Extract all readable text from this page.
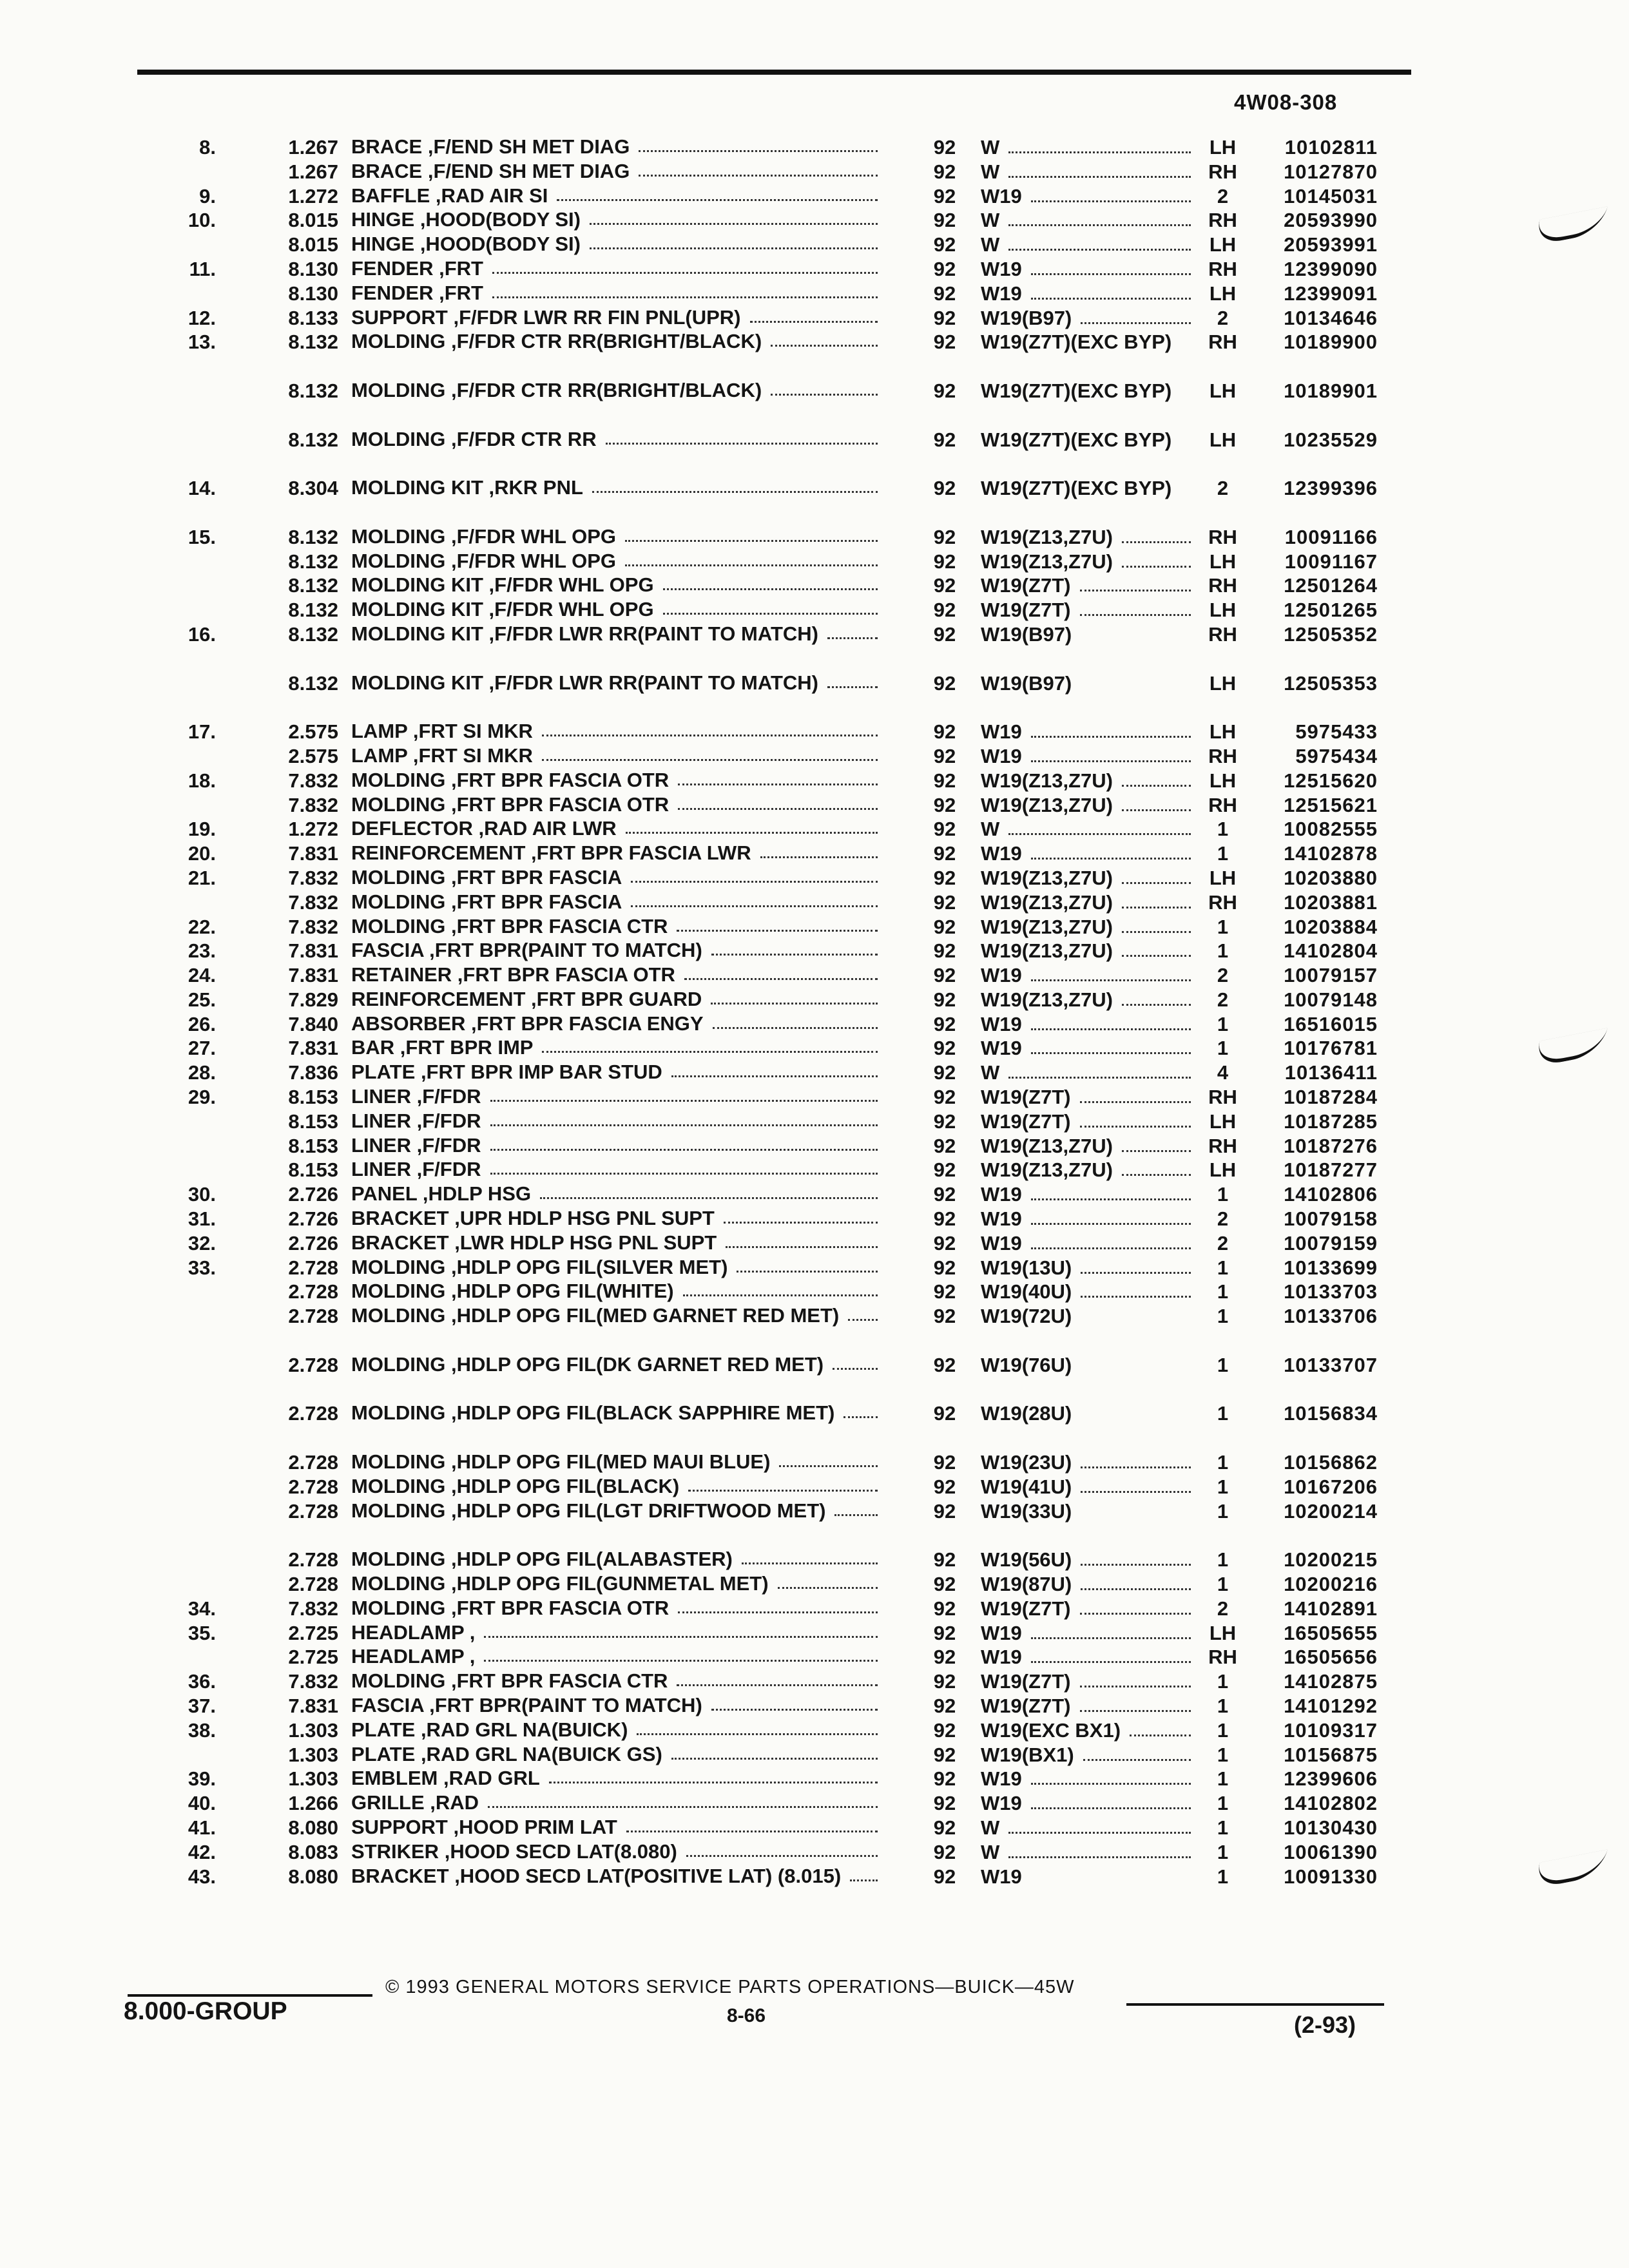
4W08-308
8.	1.267 BRACE ,F/END SH MET DIAG	92	W	LH	10102811
1.267 BRACE ,F/END SH MET DIAG	92	W	RH	10127870
9.	1.272 BAFFLE ,RAD AIR SI	92	W19	2	10145031
10.	8.015 HINGE ,HOOD(BODY SI)	92	W	RH	20593990
8.015 HINGE ,HOOD(BODY SI)	92	W	LH	20593991
11.	8.130 FENDER ,FRT	92	W19	RH	12399090
8.130 FENDER ,FRT	92	W19	LH	12399091
12.	8.133 SUPPORT ,F/FDR LWR RR FIN PNL(UPR)	92	W19(B97)	2	10134646
13.	8.132 MOLDING ,F/FDR CTR RR(BRIGHT/BLACK)	92	W19(Z7T)(EXC BYP)	RH	10189900
8.132 MOLDING ,F/FDR CTR RR(BRIGHT/BLACK)	92	W19(Z7T)(EXC BYP)	LH	10189901
8.132 MOLDING ,F/FDR CTR RR	92	W19(Z7T)(EXC BYP)	LH	10235529
14.	8.304 MOLDING KIT ,RKR PNL	92	W19(Z7T)(EXC BYP)	2	12399396
15.	8.132 MOLDING ,F/FDR WHL OPG	92	W19(Z13,Z7U)	RH	10091166
8.132 MOLDING ,F/FDR WHL OPG	92	W19(Z13,Z7U)	LH	10091167
8.132 MOLDING KIT ,F/FDR WHL OPG	92	W19(Z7T)	RH	12501264
8.132 MOLDING KIT ,F/FDR WHL OPG	92	W19(Z7T)	LH	12501265
16.	8.132 MOLDING KIT ,F/FDR LWR RR(PAINT TO MATCH)	92	W19(B97)	RH	12505352
8.132 MOLDING KIT ,F/FDR LWR RR(PAINT TO MATCH)	92	W19(B97)	LH	12505353
17.	2.575 LAMP ,FRT SI MKR	92	W19	LH	5975433
2.575 LAMP ,FRT SI MKR	92	W19	RH	5975434
18.	7.832 MOLDING ,FRT BPR FASCIA OTR	92	W19(Z13,Z7U)	LH	12515620
7.832 MOLDING ,FRT BPR FASCIA OTR	92	W19(Z13,Z7U)	RH	12515621
19.	1.272 DEFLECTOR ,RAD AIR LWR	92	W	1	10082555
20.	7.831 REINFORCEMENT ,FRT BPR FASCIA LWR	92	W19	1	14102878
21.	7.832 MOLDING ,FRT BPR FASCIA	92	W19(Z13,Z7U)	LH	10203880
7.832 MOLDING ,FRT BPR FASCIA	92	W19(Z13,Z7U)	RH	10203881
22.	7.832 MOLDING ,FRT BPR FASCIA CTR	92	W19(Z13,Z7U)	1	10203884
23.	7.831 FASCIA ,FRT BPR(PAINT TO MATCH)	92	W19(Z13,Z7U)	1	14102804
24.	7.831 RETAINER ,FRT BPR FASCIA OTR	92	W19	2	10079157
25.	7.829 REINFORCEMENT ,FRT BPR GUARD	92	W19(Z13,Z7U)	2	10079148
26.	7.840 ABSORBER ,FRT BPR FASCIA ENGY	92	W19	1	16516015
27.	7.831 BAR ,FRT BPR IMP	92	W19	1	10176781
28.	7.836 PLATE ,FRT BPR IMP BAR STUD	92	W	4	10136411
29.	8.153 LINER ,F/FDR	92	W19(Z7T)	RH	10187284
8.153 LINER ,F/FDR	92	W19(Z7T)	LH	10187285
8.153 LINER ,F/FDR	92	W19(Z13,Z7U)	RH	10187276
8.153 LINER ,F/FDR	92	W19(Z13,Z7U)	LH	10187277
30.	2.726 PANEL ,HDLP HSG	92	W19	1	14102806
31.	2.726 BRACKET ,UPR HDLP HSG PNL SUPT	92	W19	2	10079158
32.	2.726 BRACKET ,LWR HDLP HSG PNL SUPT	92	W19	2	10079159
33.	2.728 MOLDING ,HDLP OPG FIL(SILVER MET)	92	W19(13U)	1	10133699
2.728 MOLDING ,HDLP OPG FIL(WHITE)	92	W19(40U)	1	10133703
2.728 MOLDING ,HDLP OPG FIL(MED GARNET RED MET)	92	W19(72U)	1	10133706
2.728 MOLDING ,HDLP OPG FIL(DK GARNET RED MET)	92	W19(76U)	1	10133707
2.728 MOLDING ,HDLP OPG FIL(BLACK SAPPHIRE MET)	92	W19(28U)	1	10156834
2.728 MOLDING ,HDLP OPG FIL(MED MAUI BLUE)	92	W19(23U)	1	10156862
2.728 MOLDING ,HDLP OPG FIL(BLACK)	92	W19(41U)	1	10167206
2.728 MOLDING ,HDLP OPG FIL(LGT DRIFTWOOD MET)	92	W19(33U)	1	10200214
2.728 MOLDING ,HDLP OPG FIL(ALABASTER)	92	W19(56U)	1	10200215
2.728 MOLDING ,HDLP OPG FIL(GUNMETAL MET)	92	W19(87U)	1	10200216
34.	7.832 MOLDING ,FRT BPR FASCIA OTR	92	W19(Z7T)	2	14102891
35.	2.725 HEADLAMP ,	92	W19	LH	16505655
2.725 HEADLAMP ,	92	W19	RH	16505656
36.	7.832 MOLDING ,FRT BPR FASCIA CTR	92	W19(Z7T)	1	14102875
37.	7.831 FASCIA ,FRT BPR(PAINT TO MATCH)	92	W19(Z7T)	1	14101292
38.	1.303 PLATE ,RAD GRL NA(BUICK)	92	W19(EXC BX1)	1	10109317
1.303 PLATE ,RAD GRL NA(BUICK GS)	92	W19(BX1)	1	10156875
39.	1.303 EMBLEM ,RAD GRL	92	W19	1	12399606
40.	1.266 GRILLE ,RAD	92	W19	1	14102802
41.	8.080 SUPPORT ,HOOD PRIM LAT	92	W	1	10130430
42.	8.083 STRIKER ,HOOD SECD LAT(8.080)	92	W	1	10061390
43.	8.080 BRACKET ,HOOD SECD LAT(POSITIVE LAT) (8.015)	92	W19	1	10091330
© 1993 GENERAL MOTORS SERVICE PARTS OPERATIONS—BUICK—45W
8.000-GROUP	8-66	(2-93)
